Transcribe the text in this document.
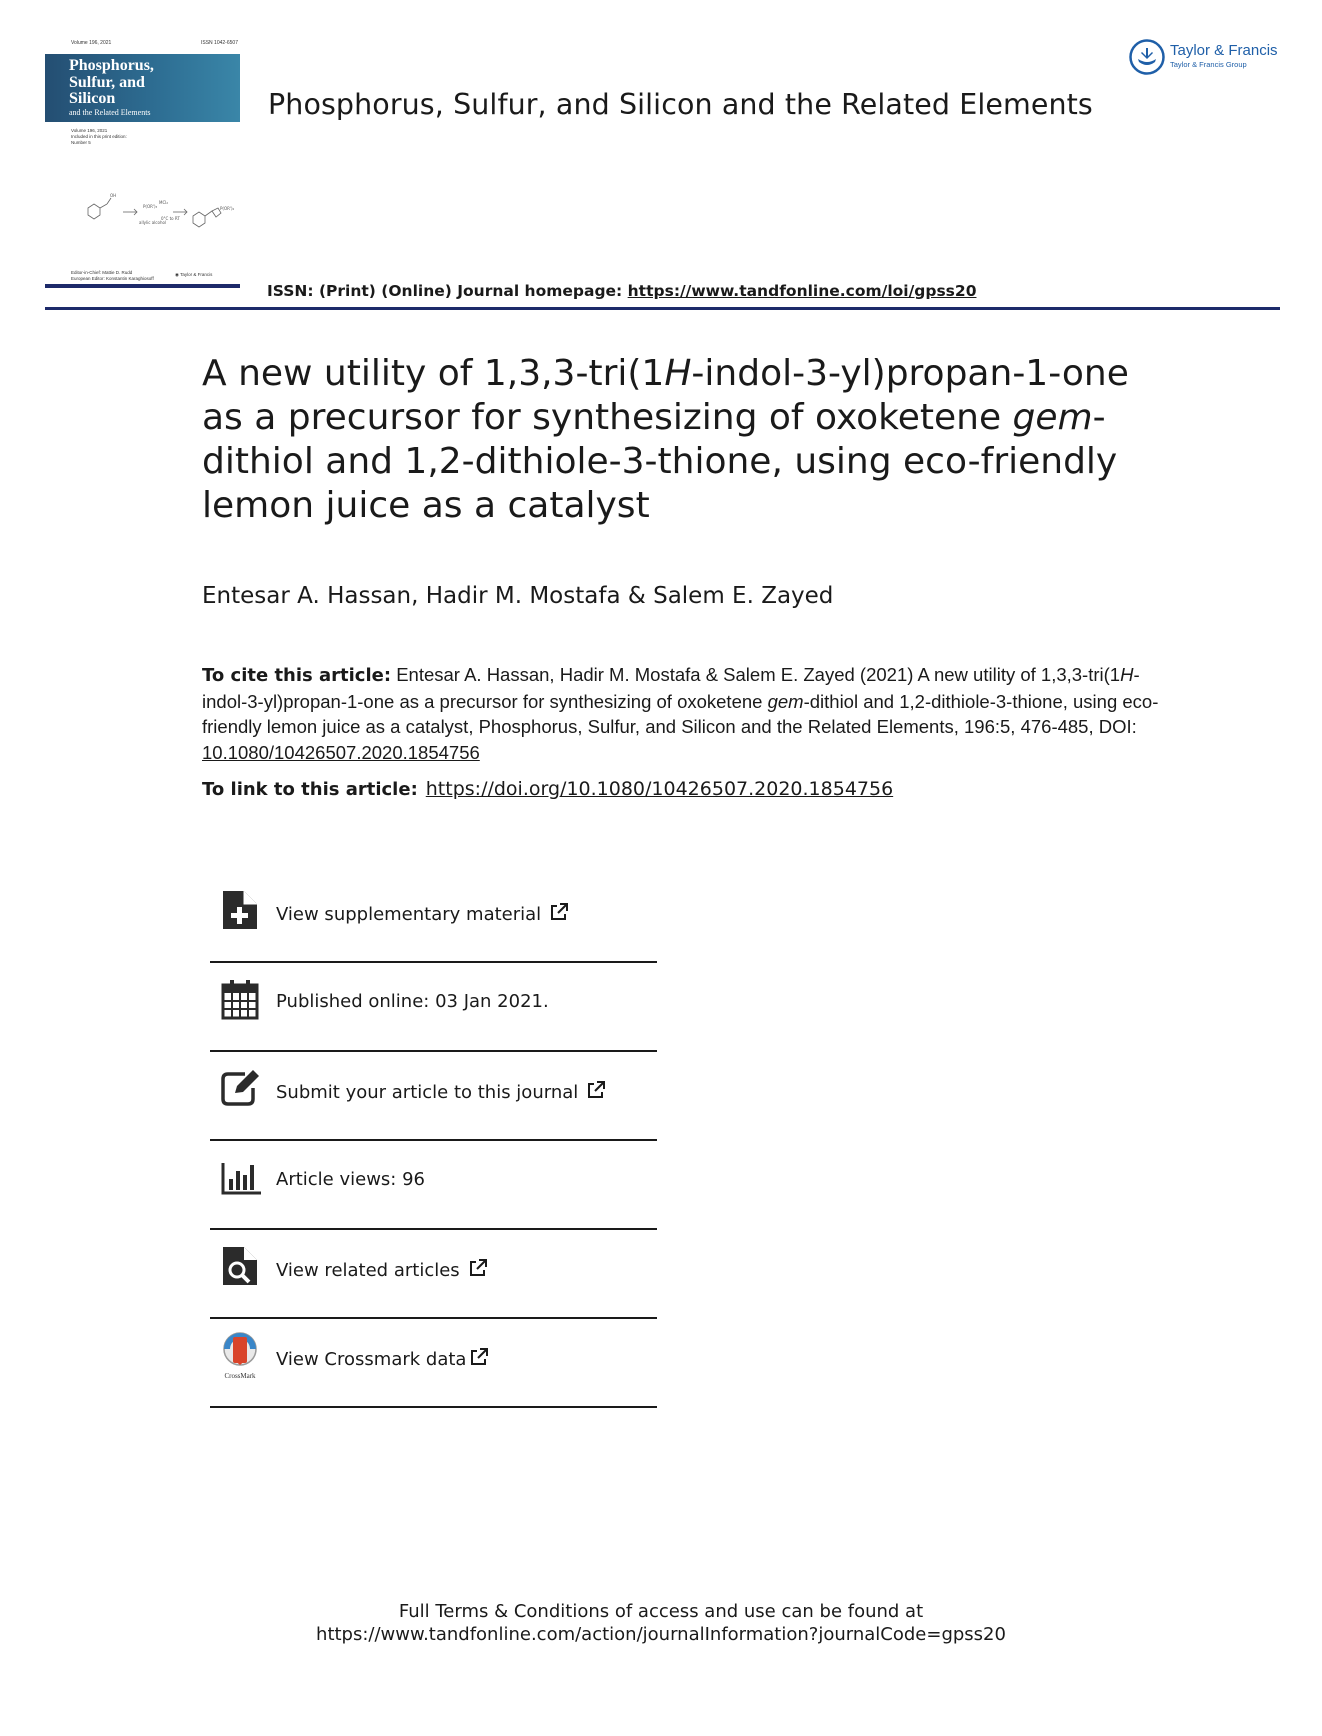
Volume 196, 2021	ISSN 1042-6507
Phosphorus,
Sulfur, and
Silicon
and the Related Elements
Volume 196, 2021
Included in this print edition:
Number 5
OH
P(OR')₃
MCl₂
0°C to RT
allylic alcohol
P(OR')₂
Editor-in-Chief: Mattie D. Rudd
European Editor: Konstantin Karaghiosoff
◉ Taylor & Francis
Taylor & Francis
Taylor & Francis Group
Phosphorus, Sulfur, and Silicon and the Related Elements
ISSN: (Print) (Online) Journal homepage: https://www.tandfonline.com/loi/gpss20
A new utility of 1,3,3-tri(1H-indol-3-yl)propan-1-one
as a precursor for synthesizing of oxoketene gem-
dithiol and 1,2-dithiole-3-thione, using eco-friendly
lemon juice as a catalyst
Entesar A. Hassan, Hadir M. Mostafa & Salem E. Zayed
To cite this article: Entesar A. Hassan, Hadir M. Mostafa & Salem E. Zayed (2021) A new utility of 1,3,3-tri(1H-indol-3-yl)propan-1-one as a precursor for synthesizing of oxoketene gem-dithiol and 1,2-dithiole-3-thione, using eco-friendly lemon juice as a catalyst, Phosphorus, Sulfur, and Silicon and the Related Elements, 196:5, 476-485, DOI: 10.1080/10426507.2020.1854756
To link to this article: https://doi.org/10.1080/10426507.2020.1854756
View supplementary material
Published online: 03 Jan 2021.
Submit your article to this journal
Article views: 96
View related articles
CrossMark
View Crossmark data
Full Terms & Conditions of access and use can be found at
https://www.tandfonline.com/action/journalInformation?journalCode=gpss20
